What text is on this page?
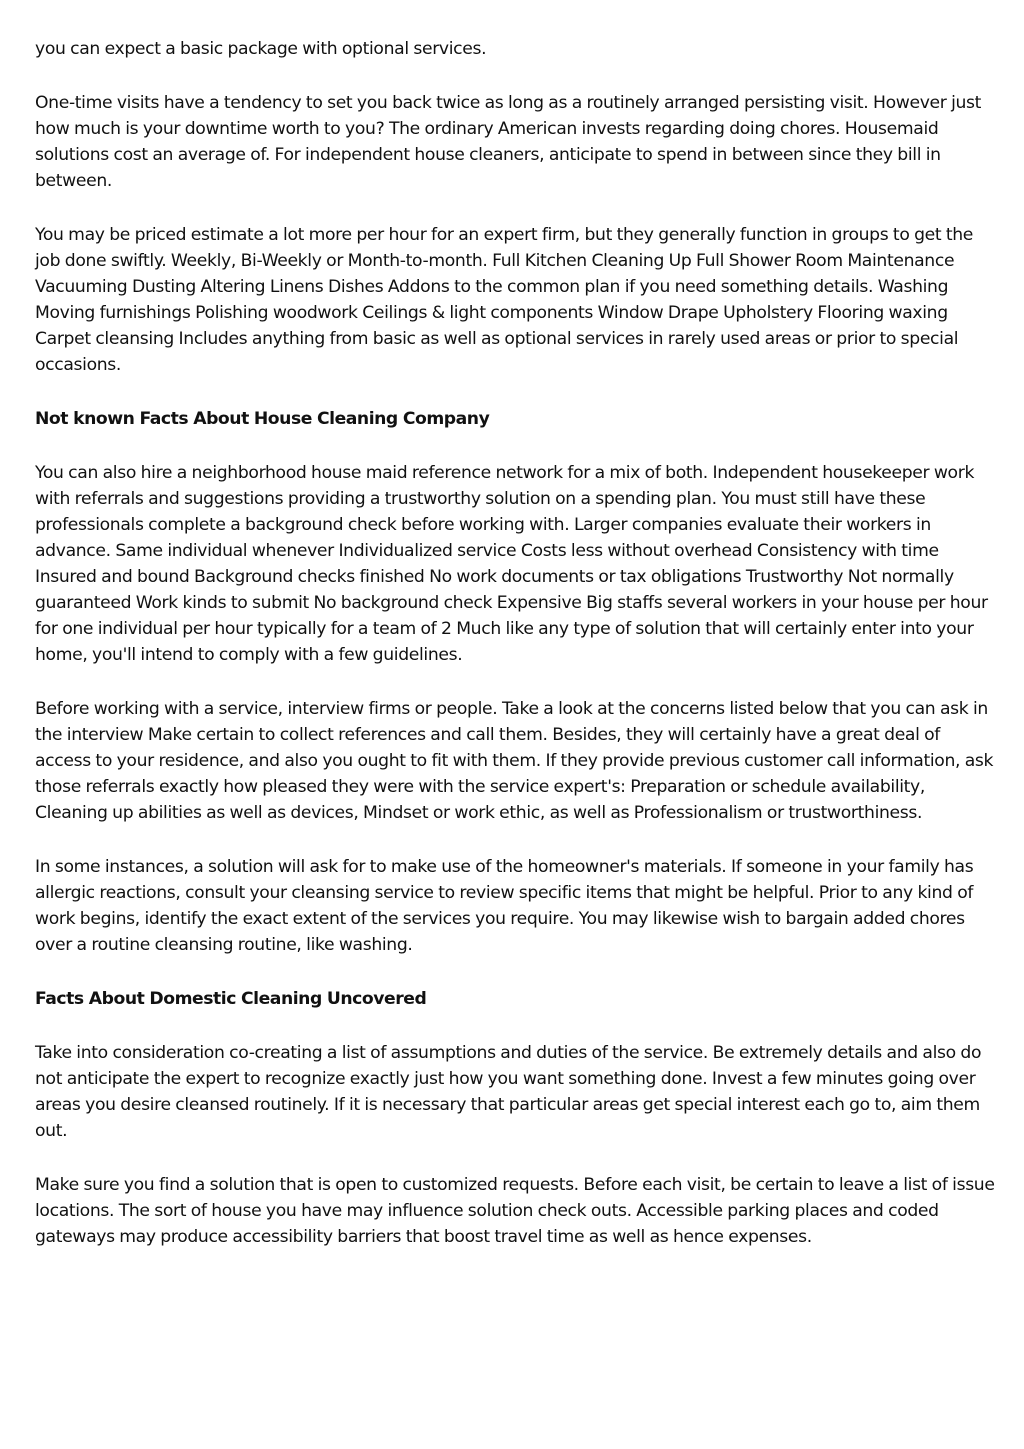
you can expect a basic package with optional services.

One-time visits have a tendency to set you back twice as long as a routinely arranged persisting visit. However just how much is your downtime worth to you? The ordinary American invests regarding doing chores. Housemaid solutions cost an average of. For independent house cleaners, anticipate to spend in between since they bill in between.

You may be priced estimate a lot more per hour for an expert firm, but they generally function in groups to get the job done swiftly. Weekly, Bi-Weekly or Month-to-month. Full Kitchen Cleaning Up Full Shower Room Maintenance Vacuuming Dusting Altering Linens Dishes Addons to the common plan if you need something details. Washing Moving furnishings Polishing woodwork Ceilings & light components Window Drape Upholstery Flooring waxing Carpet cleansing Includes anything from basic as well as optional services in rarely used areas or prior to special occasions.

Not known Facts About House Cleaning Company

You can also hire a neighborhood house maid reference network for a mix of both. Independent housekeeper work with referrals and suggestions providing a trustworthy solution on a spending plan. You must still have these professionals complete a background check before working with. Larger companies evaluate their workers in advance. Same individual whenever Individualized service Costs less without overhead Consistency with time Insured and bound Background checks finished No work documents or tax obligations Trustworthy Not normally guaranteed Work kinds to submit No background check Expensive Big staffs several workers in your house per hour for one individual per hour typically for a team of 2 Much like any type of solution that will certainly enter into your home, you'll intend to comply with a few guidelines.

Before working with a service, interview firms or people. Take a look at the concerns listed below that you can ask in the interview Make certain to collect references and call them. Besides, they will certainly have a great deal of access to your residence, and also you ought to fit with them. If they provide previous customer call information, ask those referrals exactly how pleased they were with the service expert's: Preparation or schedule availability, Cleaning up abilities as well as devices, Mindset or work ethic, as well as Professionalism or trustworthiness.

In some instances, a solution will ask for to make use of the homeowner's materials. If someone in your family has allergic reactions, consult your cleansing service to review specific items that might be helpful. Prior to any kind of work begins, identify the exact extent of the services you require. You may likewise wish to bargain added chores over a routine cleansing routine, like washing.

Facts About Domestic Cleaning Uncovered

Take into consideration co-creating a list of assumptions and duties of the service. Be extremely details and also do not anticipate the expert to recognize exactly just how you want something done. Invest a few minutes going over areas you desire cleansed routinely. If it is necessary that particular areas get special interest each go to, aim them out.

Make sure you find a solution that is open to customized requests. Before each visit, be certain to leave a list of issue locations. The sort of house you have may influence solution check outs. Accessible parking places and coded gateways may produce accessibility barriers that boost travel time as well as hence expenses.
